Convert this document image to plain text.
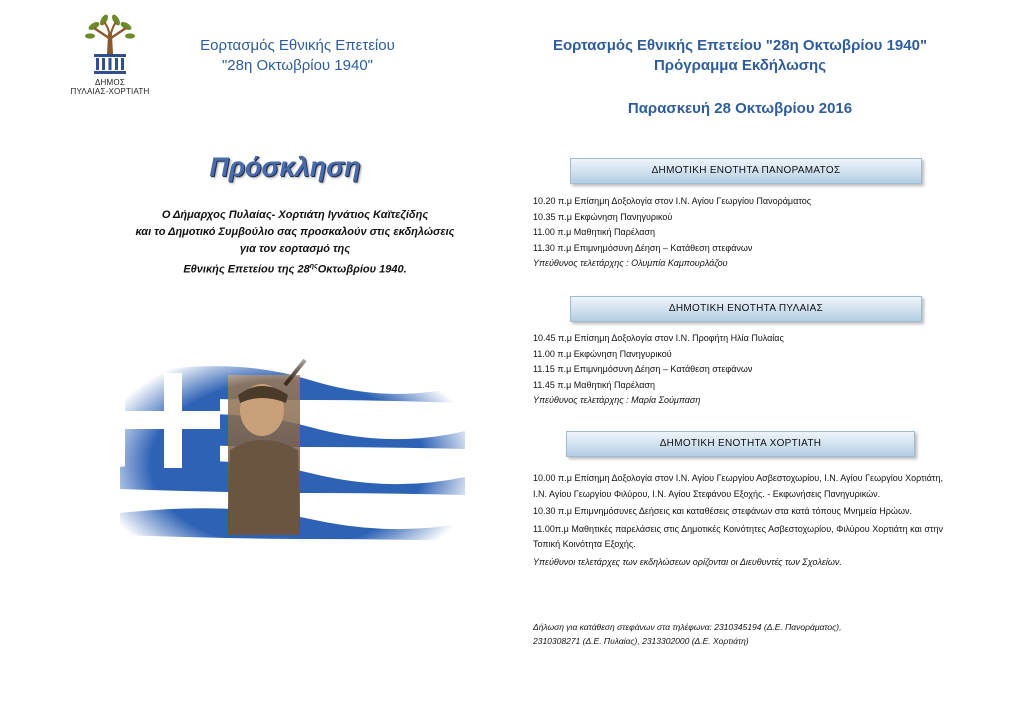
ΔΗΜΟΣ
ΠΥΛΑΙΑΣ-ΧΟΡΤΙΑΤΗ
Εορτασμός Εθνικής Επετείου
"28η Οκτωβρίου 1940"
Πρόσκληση
Ο Δήμαρχος Πυλαίας- Χορτιάτη Ιγνάτιος Καϊτεζίδης
και το Δημοτικό Συμβούλιο σας προσκαλούν στις εκδηλώσεις
για τον εορτασμό της
Εθνικής Επετείου της $28^{\eta\varsigma}O\kappa\tau\omega\beta\rho ίo\upsilon$ 1940.
Εορτασμός Εθνικής Επετείου "28η Οκτωβρίου 1940"
Πρόγραμμα Εκδήλωσης
Παρασκευή 28 Οκτωβρίου 2016
ΔΗΜΟΤΙΚΗ ΕΝΟΤΗΤΑ ΠΑΝΟΡΑΜΑΤΟΣ
10.20 π.μ Επίσημη Δοξολογία στον Ι.Ν. Αγίου Γεωργίου Πανοράματος
10.35 π.μ Εκφώνηση Πανηγυρικού
11.00 π.μ Μαθητική Παρέλαση
11.30 π.μ Επιμνημόσυνη Δέηση – Κατάθεση στεφάνων
Υπεύθυνος τελετάρχης : Ολυμπία Καμπουρλάζου
ΔΗΜΟΤΙΚΗ ΕΝΟΤΗΤΑ ΠΥΛΑΙΑΣ
10.45 π.μ Επίσημη Δοξολογία στον Ι.Ν. Προφήτη Ηλία Πυλαίας
11.00 π.μ Εκφώνηση Πανηγυρικού
11.15 π.μ Επιμνημόσυνη Δέηση – Κατάθεση στεφάνων
11.45 π.μ Μαθητική Παρέλαση
Υπεύθυνος τελετάρχης : Μαρία Σούμπαση
ΔΗΜΟΤΙΚΗ ΕΝΟΤΗΤΑ ΧΟΡΤΙΑΤΗ

10.00 π.μ Επίσημη Δοξολογία στον Ι.Ν. Αγίου Γεωργίου Ασβεστοχωρίου, Ι.Ν. Αγίου Γεωργίου Χορτιάτη, Ι.Ν. Αγίου Γεωργίου Φιλύρου, Ι.Ν. Αγίου Στεφάνου Εξοχής. - Εκφωνήσεις Πανηγυρικών.

10.30 π.μ Επιμνημόσυνες Δεήσεις και καταθέσεις στεφάνων στα κατά τόπους Μνημεία Ηρώων.

11.00π.μ Μαθητικές παρελάσεις στις Δημοτικές Κοινότητες Ασβεστοχωρίου, Φιλύρου Χορτιάτη και στην Τοπική Κοινότητα Εξοχής.

Υπεύθυνοι τελετάρχες των εκδηλώσεων ορίζονται οι Διευθυντές των Σχολείων.

Δήλωση για κατάθεση στεφάνων στα τηλέφωνα: 2310345194 (Δ.Ε. Πανοράματος),
2310308271 (Δ.Ε. Πυλαίας), 2313302000 (Δ.Ε. Χορτιάτη)
